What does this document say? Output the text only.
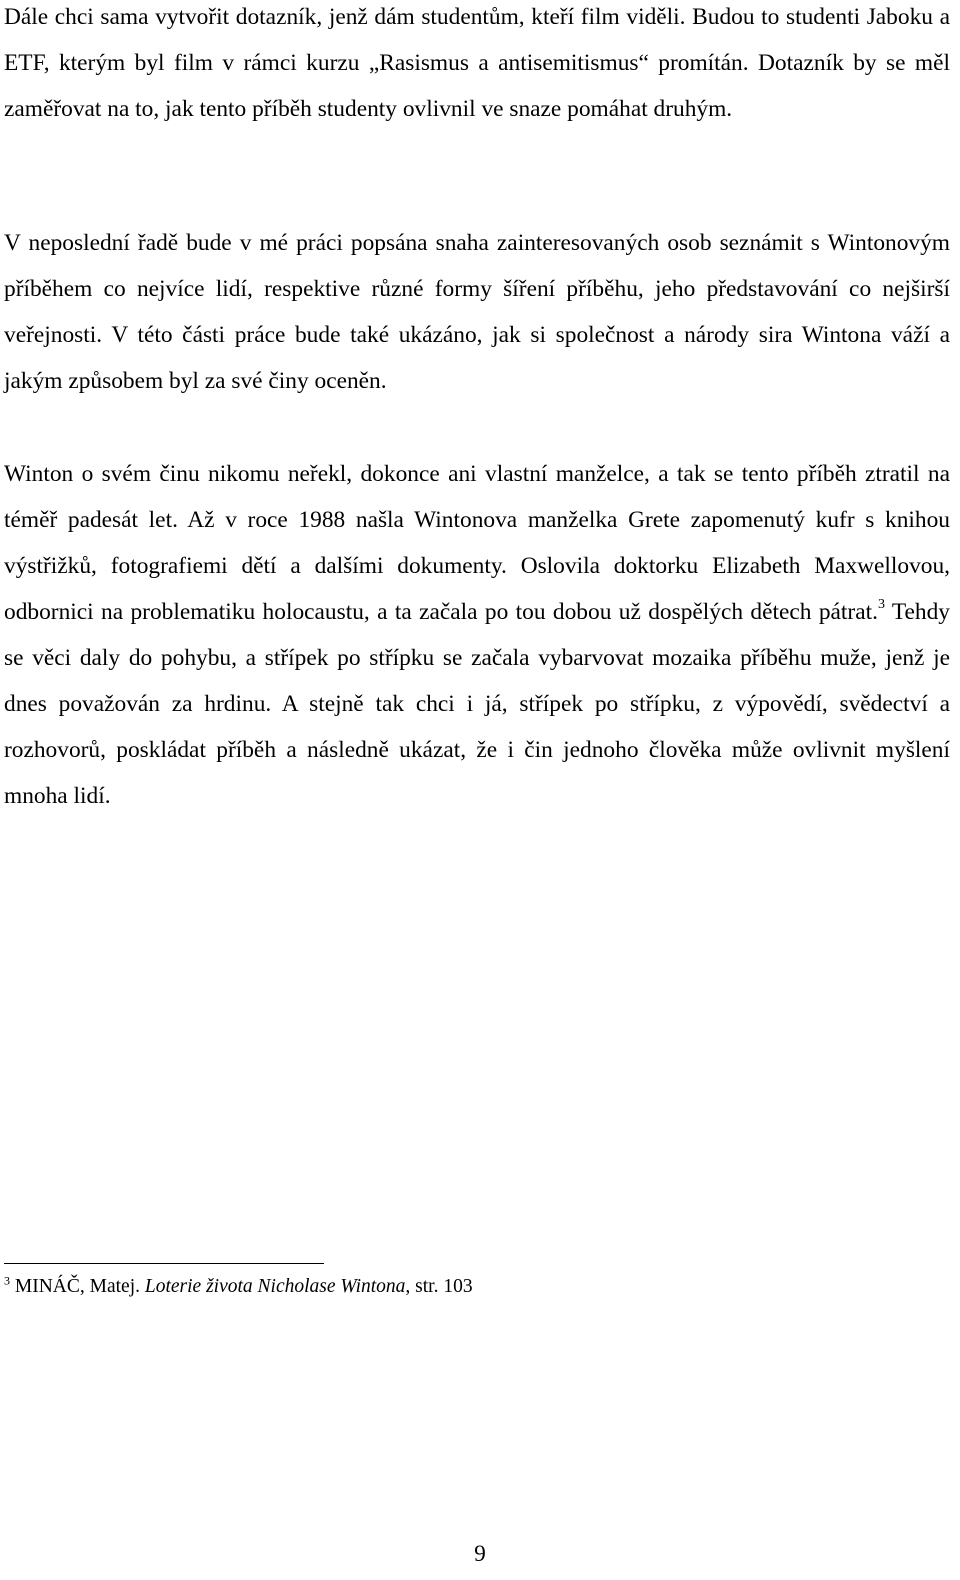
Dále chci sama vytvořit dotazník, jenž dám studentům, kteří film viděli. Budou to studenti Jaboku a ETF, kterým byl film v rámci kurzu „Rasismus a antisemitismus“ promítán. Dotazník by se měl zaměřovat na to, jak tento příběh studenty ovlivnil ve snaze pomáhat druhým.

V neposlední řadě bude v mé práci popsána snaha zainteresovaných osob seznámit s Wintonovým příběhem co nejvíce lidí, respektive různé formy šíření příběhu, jeho představování co nejširší veřejnosti. V této části práce bude také ukázáno, jak si společnost a národy sira Wintona váží a jakým způsobem byl za své činy oceněn.

Winton o svém činu nikomu neřekl, dokonce ani vlastní manželce, a tak se tento příběh ztratil na téměř padesát let. Až v roce 1988 našla Wintonova manželka Grete zapomenutý kufr s knihou výstřižků, fotografiemi dětí a dalšími dokumenty. Oslovila doktorku Elizabeth Maxwellovou, odbornici na problematiku holocaustu, a ta začala po tou dobou už dospělých dětech pátrat.$^3$ Tehdy se věci daly do pohybu, a střípek po střípku se začala vybarvovat mozaika příběhu muže, jenž je dnes považován za hrdinu. A stejně tak chci i já, střípek po střípku, z výpovědí, svědectví a rozhovorů, poskládat příběh a následně ukázat, že i čin jednoho člověka může ovlivnit myšlení mnoha lidí.

$^3$ MINÁČ, Matej. Loterie života Nicholase Wintona, str. 103
9
